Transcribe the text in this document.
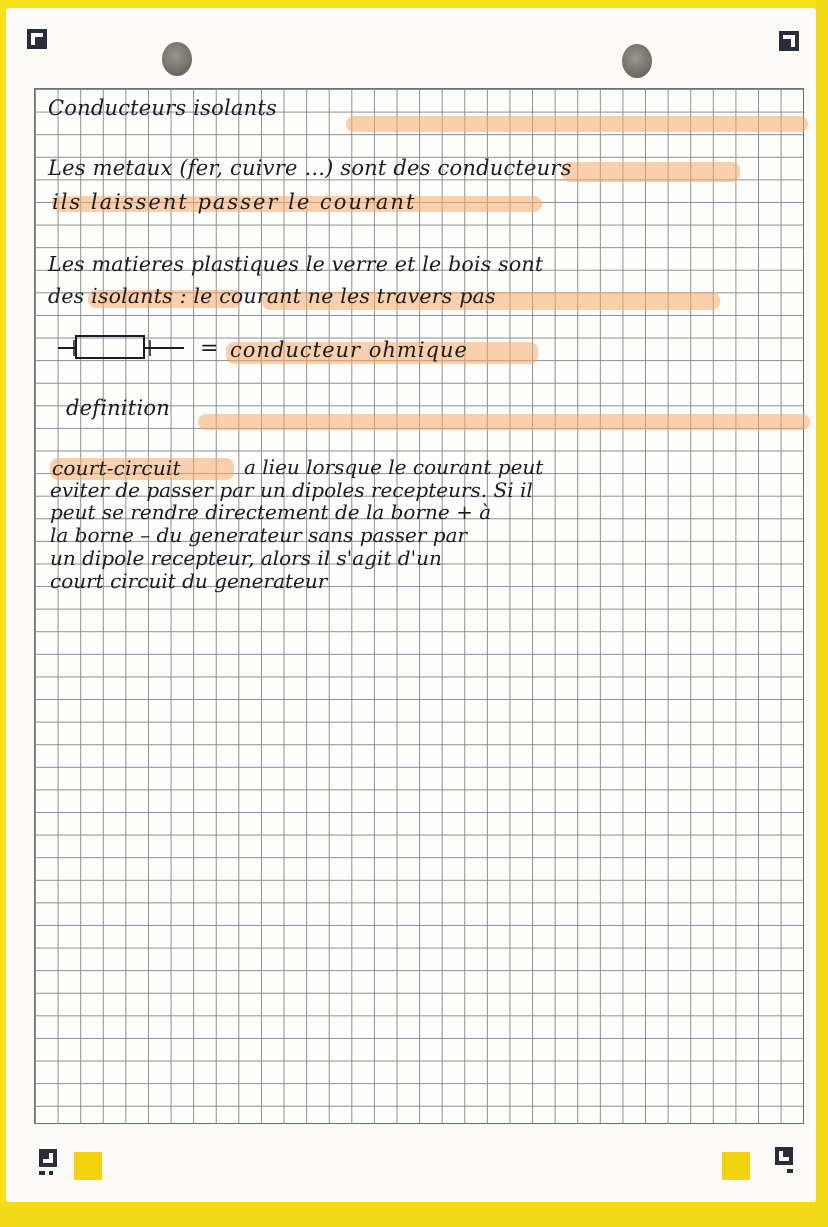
Conducteurs isolants
Les metaux (fer, cuivre ...) sont des conducteurs
ils laissent passer le courant
Les matieres plastiques le verre et le bois sont
des isolants : le courant ne les travers pas
= conducteur ohmique
definition
court-circuit	a lieu lorsque le courant peut
eviter de passer par un dipoles recepteurs. Si il
peut se rendre directement de la borne + à
la borne – du generateur sans passer par
un dipole recepteur, alors il s'agit d'un
court circuit du generateur
